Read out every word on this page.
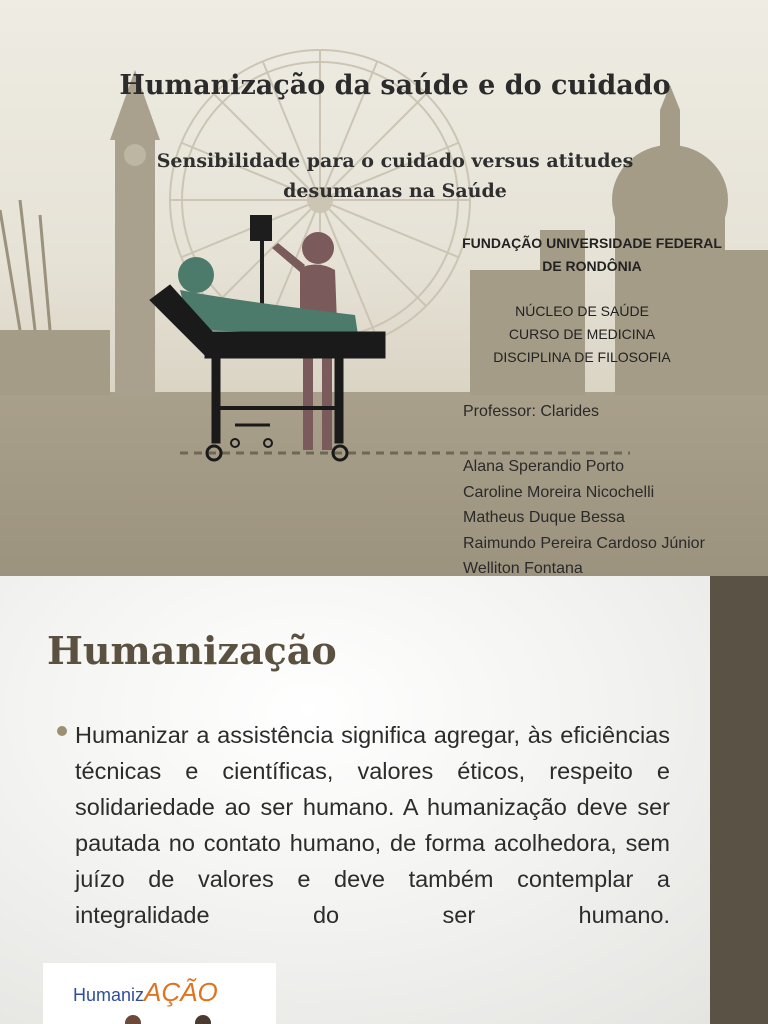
Humanização da saúde e do cuidado
Sensibilidade para o cuidado versus atitudes desumanas na Saúde
FUNDAÇÃO UNIVERSIDADE FEDERAL DE RONDÔNIA
NÚCLEO DE SAÚDE
CURSO DE MEDICINA
DISCIPLINA DE FILOSOFIA
Professor: Clarides
Alana Sperandio Porto
Caroline Moreira Nicochelli
Matheus Duque Bessa
Raimundo Pereira Cardoso Júnior
Welliton Fontana
Humanização

Humanizar a assistência significa agregar, às eficiências técnicas e científicas, valores éticos, respeito e solidariedade ao ser humano. A humanização deve ser pautada no contato humano, de forma acolhedora, sem juízo de valores e deve também contemplar a integralidade do ser humano.

HumanizAÇÃO
